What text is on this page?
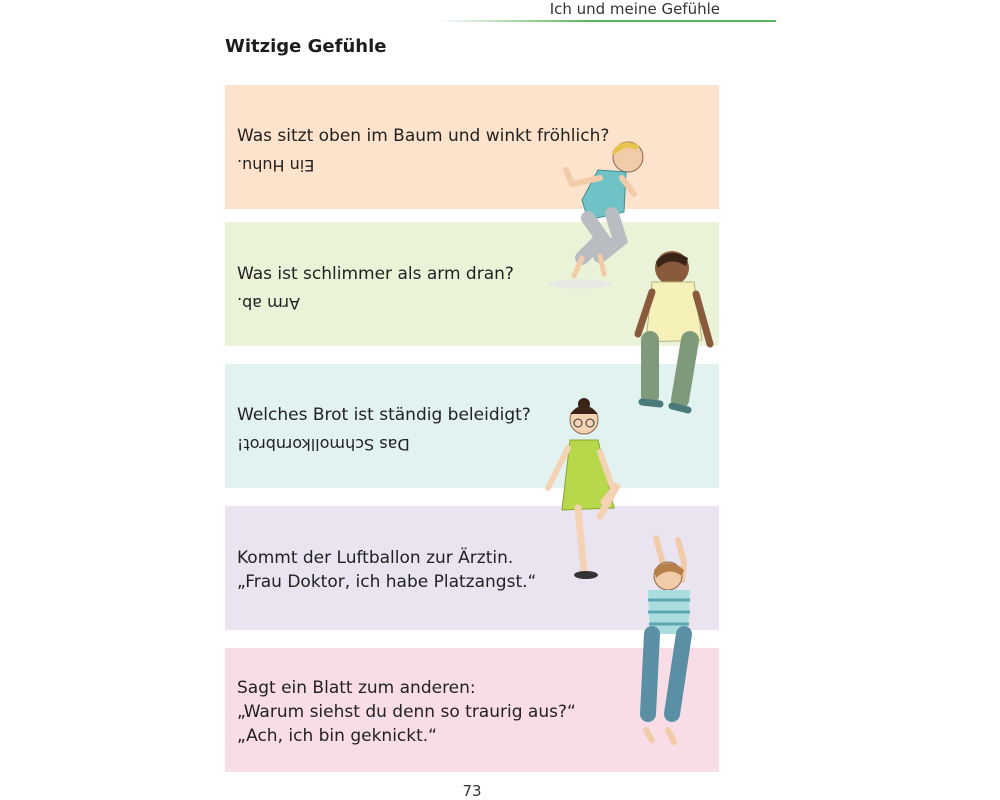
Ich und meine Gefühle
Witzige Gefühle
Was sitzt oben im Baum und winkt fröhlich?
Ein Huhu.
Was ist schlimmer als arm dran?
Arm ab.
Welches Brot ist ständig beleidigt?
Das Schmollkornbrot!
Kommt der Luftballon zur Ärztin.
„Frau Doktor, ich habe Platzangst.“
Sagt ein Blatt zum anderen:
„Warum siehst du denn so traurig aus?“
„Ach, ich bin geknickt.“
73
